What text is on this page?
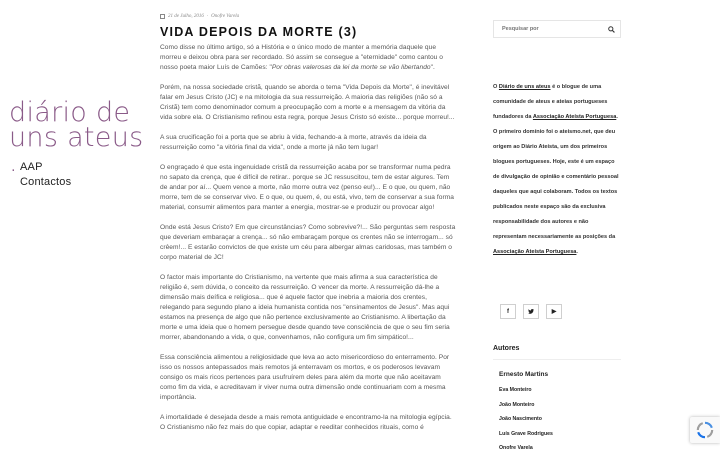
diário de
uns ateus . AAP
Contactos
21 de Julho, 2016 · Onofre Varela
VIDA DEPOIS DA MORTE (3)

Como disse no último artigo, só a História e o único modo de manter a memória daquele que morreu e deixou obra para ser recordado. Só assim se consegue a "eternidade" como cantou o nosso poeta maior Luís de Camões: "Por obras valerosas da lei da morte se vão libertando".

Porém, na nossa sociedade cristã, quando se aborda o tema "Vida Depois da Morte", é inevitável falar em Jesus Cristo (JC) e na mitologia da sua ressurreição. A maioria das religiões (não só a Cristã) tem como denominador comum a preocupação com a morte e a mensagem da vitória da vida sobre ela. O Cristianismo refinou esta regra, porque Jesus Cristo só existe... porque morreu!...

A sua crucificação foi a porta que se abriu à vida, fechando-a à morte, através da ideia da ressurreição como "a vitória final da vida", onde a morte já não tem lugar!

O engraçado é que esta ingenuidade cristã da ressurreição acaba por se transformar numa pedra no sapato da crença, que é difícil de retirar.. porque se JC ressuscitou, tem de estar algures. Tem de andar por aí... Quem vence a morte, não morre outra vez (penso eu!)... E o que, ou quem, não morre, tem de se conservar vivo. E o que, ou quem, é, ou está, vivo, tem de conservar a sua forma material, consumir alimentos para manter a energia, mostrar-se e produzir ou provocar algo!

Onde está Jesus Cristo? Em que circunstâncias? Como sobrevive?!... São perguntas sem resposta que deveriam embaraçar a crença... só não embaraçam porque os crentes não se interrogam... só crêem!... E estarão convictos de que existe um céu para albergar almas caridosas, mas também o corpo material de JC!

O factor mais importante do Cristianismo, na vertente que mais afirma a sua característica de religião é, sem dúvida, o conceito da ressurreição. O vencer da morte. A ressurreição dá-lhe a dimensão mais deífica e religiosa... que é aquele factor que inebria a maioria dos crentes, relegando para segundo plano a ideia humanista contida nos "ensinamentos de Jesus". Mas aqui estamos na presença de algo que não pertence exclusivamente ao Cristianismo. A libertação da morte e uma ideia que o homem persegue desde quando teve consciência de que o seu fim seria morrer, abandonando a vida, o que, convenhamos, não configura um fim simpático!...

Essa consciência alimentou a religiosidade que leva ao acto misericordioso do enterramento. Por isso os nossos antepassados mais remotos já enterravam os mortos, e os poderosos levavam consigo os mais ricos pertences para usufruírem deles para além da morte que não aceitavam como fim da vida, e acreditavam ir viver numa outra dimensão onde continuariam com a mesma importância.

A imortalidade é desejada desde a mais remota antiguidade e encontramo-la na mitologia egípcia. O Cristianismo não fez mais do que copiar, adaptar e reeditar conhecidos rituais, como é

Pesquisar por
O Diário de uns ateus é o blogue de uma comunidade de ateus e ateias portugueses fundadores da Associação Ateísta Portuguesa. O primeiro domínio foi o ateismo.net, que deu origem ao Diário Ateísta, um dos primeiros blogues portugueses. Hoje, este é um espaço de divulgação de opinião e comentário pessoal daqueles que aqui colaboram. Todos os textos publicados neste espaço são da exclusiva responsabilidade dos autores e não representam necessariamente as posições da Associação Ateísta Portuguesa.
f	▶
Autores
Ernesto Martins
Eva Monteiro
João Monteiro
João Nascimento
Luís Grave Rodrigues
Onofre Varela
